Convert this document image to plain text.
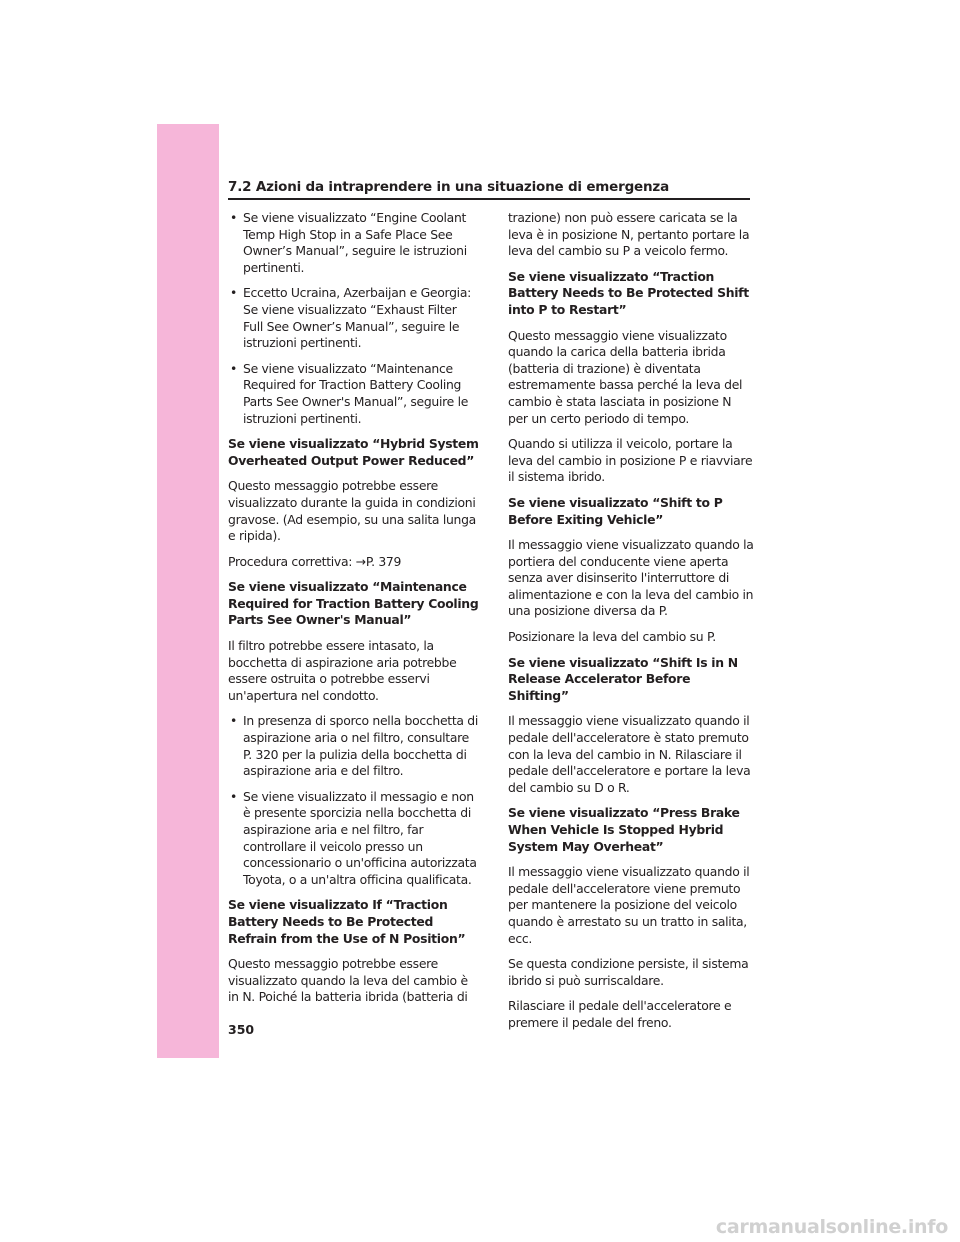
7.2 Azioni da intraprendere in una situazione di emergenza
• Se viene visualizzato “Engine Coolant Temp High Stop in a Safe Place See Owner’s Manual”, seguire le istruzioni pertinenti.
• Eccetto Ucraina, Azerbaijan e Georgia: Se viene visualizzato “Exhaust Filter Full See Owner’s Manual”, seguire le istruzioni pertinenti.
• Se viene visualizzato “Maintenance Required for Traction Battery Cooling Parts See Owner's Manual”, seguire le istruzioni pertinenti.

Se viene visualizzato “Hybrid System Overheated Output Power Reduced”

Questo messaggio potrebbe essere visualizzato durante la guida in condizioni gravose. (Ad esempio, su una salita lunga e ripida).

Procedura correttiva: →P. 379

Se viene visualizzato “Maintenance Required for Traction Battery Cooling Parts See Owner's Manual”

Il filtro potrebbe essere intasato, la bocchetta di aspirazione aria potrebbe essere ostruita o potrebbe esservi un'apertura nel condotto.

• In presenza di sporco nella bocchetta di aspirazione aria o nel filtro, consultare P. 320 per la pulizia della bocchetta di aspirazione aria e del filtro.
• Se viene visualizzato il messagio e non è presente sporcizia nella bocchetta di aspirazione aria e nel filtro, far controllare il veicolo presso un concessionario o un'officina autorizzata Toyota, o a un'altra officina qualificata.

Se viene visualizzato If “Traction Battery Needs to Be Protected Refrain from the Use of N Position”

Questo messaggio potrebbe essere visualizzato quando la leva del cambio è in N. Poiché la batteria ibrida (batteria di

trazione) non può essere caricata se la leva è in posizione N, pertanto portare la leva del cambio su P a veicolo fermo.

Se viene visualizzato “Traction Battery Needs to Be Protected Shift into P to Restart”

Questo messaggio viene visualizzato quando la carica della batteria ibrida (batteria di trazione) è diventata estremamente bassa perché la leva del cambio è stata lasciata in posizione N per un certo periodo di tempo.

Quando si utilizza il veicolo, portare la leva del cambio in posizione P e riavviare il sistema ibrido.

Se viene visualizzato “Shift to P Before Exiting Vehicle”

Il messaggio viene visualizzato quando la portiera del conducente viene aperta senza aver disinserito l'interruttore di alimentazione e con la leva del cambio in una posizione diversa da P.

Posizionare la leva del cambio su P.

Se viene visualizzato “Shift Is in N Release Accelerator Before Shifting”

Il messaggio viene visualizzato quando il pedale dell'acceleratore è stato premuto con la leva del cambio in N. Rilasciare il pedale dell'acceleratore e portare la leva del cambio su D o R.

Se viene visualizzato “Press Brake When Vehicle Is Stopped Hybrid System May Overheat”

Il messaggio viene visualizzato quando il pedale dell'acceleratore viene premuto per mantenere la posizione del veicolo quando è arrestato su un tratto in salita, ecc.

Se questa condizione persiste, il sistema ibrido si può surriscaldare.

Rilasciare il pedale dell'acceleratore e premere il pedale del freno.

350
carmanualsonline.info
